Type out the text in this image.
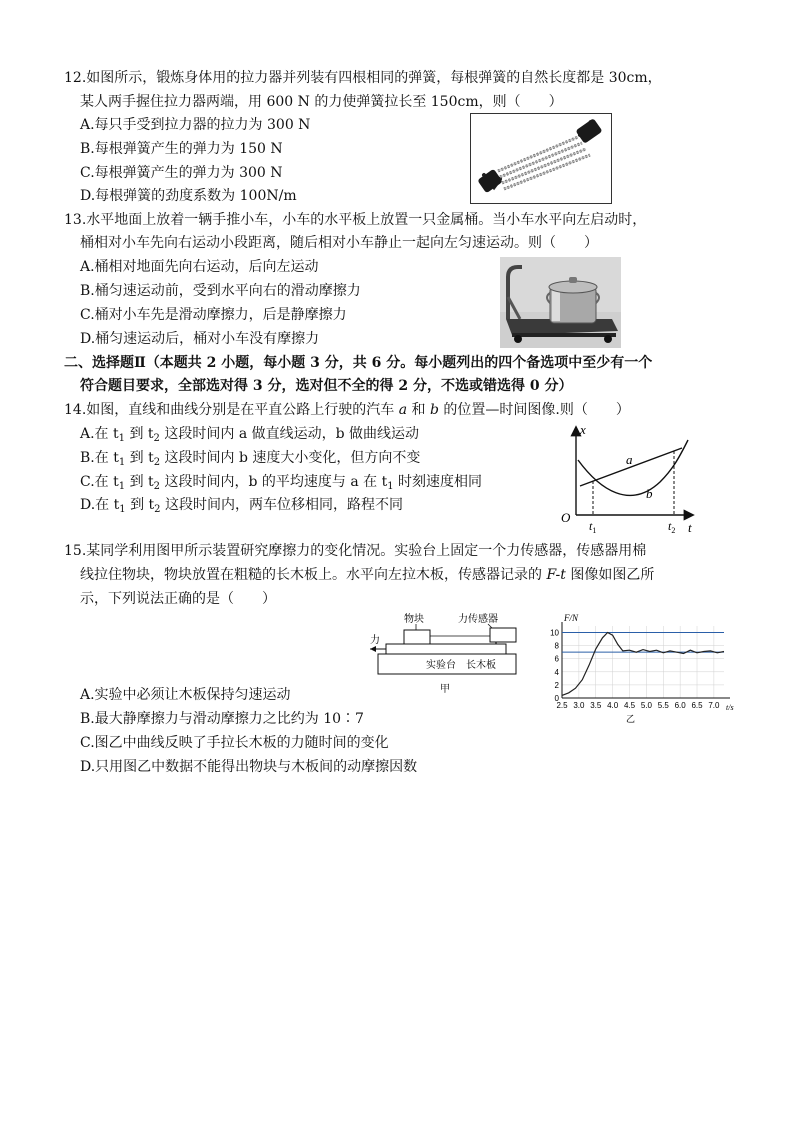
12.如图所示，锻炼身体用的拉力器并列装有四根相同的弹簧，每根弹簧的自然长度都是 30cm，
某人两手握住拉力器两端，用 600 N 的力使弹簧拉长至 150cm，则（　　）
A.每只手受到拉力器的拉力为 300 N
B.每根弹簧产生的弹力为 150 N
C.每根弹簧产生的弹力为 300 N
D.每根弹簧的劲度系数为 100N/m
13.水平地面上放着一辆手推小车，小车的水平板上放置一只金属桶。当小车水平向左启动时，
桶相对小车先向右运动小段距离，随后相对小车静止一起向左匀速运动。则（　　）
A.桶相对地面先向右运动，后向左运动
B.桶匀速运动前，受到水平向右的滑动摩擦力
C.桶对小车先是滑动摩擦力，后是静摩擦力
D.桶匀速运动后，桶对小车没有摩擦力
二、选择题Ⅱ（本题共 2 小题，每小题 3 分，共 6 分。每小题列出的四个备选项中至少有一个
符合题目要求，全部选对得 3 分，选对但不全的得 2 分，不选或错选得 0 分）
14.如图，直线和曲线分别是在平直公路上行驶的汽车 a 和 b 的位置—时间图像.则（　　）
A.在 $t_1$ 到 $t_2$ 这段时间内 a 做直线运动，b 做曲线运动
B.在 $t_1$ 到 $t_2$ 这段时间内 b 速度大小变化，但方向不变
C.在 $t_1$ 到 $t_2$ 这段时间内，b 的平均速度与 a 在 $t_1$ 时刻速度相同
D.在 $t_1$ 到 $t_2$ 这段时间内，两车位移相同，路程不同
x
t
O
a
b
$t_1$	$t_2$
15.某同学利用图甲所示装置研究摩擦力的变化情况。实验台上固定一个力传感器，传感器用棉
线拉住物块，物块放置在粗糙的长木板上。水平向左拉木板，传感器记录的 F-t 图像如图乙所
示，下列说法正确的是（　　）
物块	力传感器
力
实验台 长木板
甲
F/N
t/s
乙
0
2
4
6
8
10
2.5 3.0 3.5 4.0 4.5 5.0 5.5 6.0 6.5 7.0
A.实验中必须让木板保持匀速运动
B.最大静摩擦力与滑动摩擦力之比约为 10∶7
C.图乙中曲线反映了手拉长木板的力随时间的变化
D.只用图乙中数据不能得出物块与木板间的动摩擦因数
